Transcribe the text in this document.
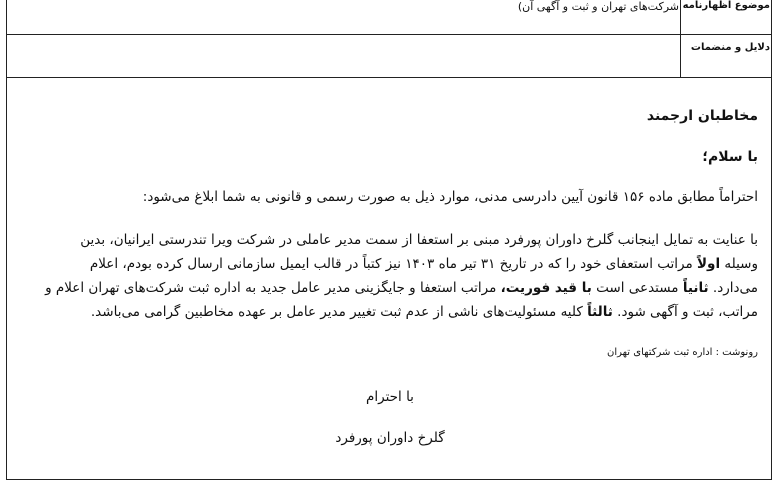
موضوع اظهارنامه
شرکت‌های تهران و ثبت و آگهی آن)
دلایل و منضمات
مخاطبان ارجمند
با سلام؛
احتراماً مطابق ماده ۱۵۶ قانون آیین دادرسی مدنی، موارد ذیل به صورت رسمی و قانونی به شما ابلاغ می‌شود:
با عنایت به تمایل اینجانب گلرخ داوران پورفرد مبنی بر استعفا از سمت مدیر عاملی در شرکت ویرا تندرستی ایرانیان، بدین
وسیله اولاً مراتب استعفای خود را که در تاریخ ۳۱ تیر ماه ۱۴۰۳ نیز کتباً در قالب ایمیل سازمانی ارسال کرده بودم، اعلام
می‌دارد. ثانیاً مستدعی است با قید فوریت، مراتب استعفا و جایگزینی مدیر عامل جدید به اداره ثبت شرکت‌های تهران اعلام و
مراتب، ثبت و آگهی شود. ثالثاً کلیه مسئولیت‌های ناشی از عدم ثبت تغییر مدیر عامل بر عهده مخاطبین گرامی می‌باشد.
رونوشت : اداره ثبت شرکتهای تهران
با احترام
گلرخ داوران پورفرد
